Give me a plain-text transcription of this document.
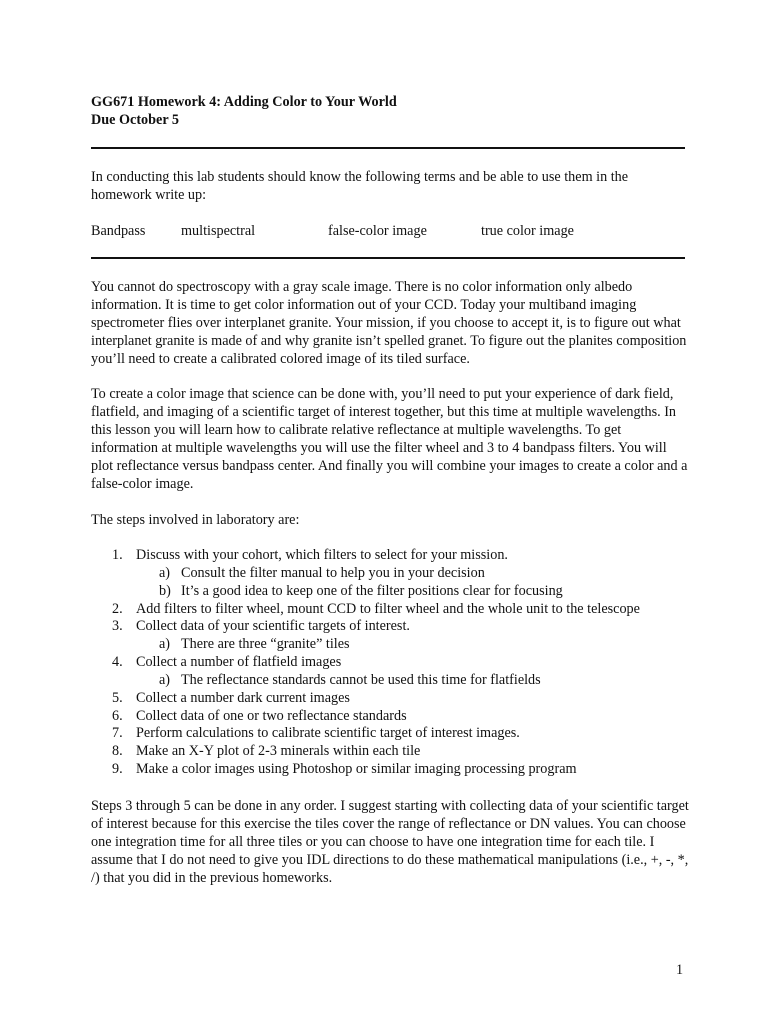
GG671 Homework 4: Adding Color to Your World
Due October 5

In conducting this lab students should know the following terms and be able to use them in the homework write up:

Bandpass	multispectral	false-color image	true color image

You cannot do spectroscopy with a gray scale image. There is no color information only albedo information. It is time to get color information out of your CCD. Today your multiband imaging spectrometer flies over interplanet granite. Your mission, if you choose to accept it, is to figure out what interplanet granite is made of and why granite isn’t spelled granet. To figure out the planites composition you’ll need to create a calibrated colored image of its tiled surface.

To create a color image that science can be done with, you’ll need to put your experience of dark field, flatfield, and imaging of a scientific target of interest together, but this time at multiple wavelengths. In this lesson you will learn how to calibrate relative reflectance at multiple wavelengths. To get information at multiple wavelengths you will use the filter wheel and 3 to 4 bandpass filters. You will plot reflectance versus bandpass center. And finally you will combine your images to create a color and a false-color image.

The steps involved in laboratory are:

1. Discuss with your cohort, which filters to select for your mission.
a) Consult the filter manual to help you in your decision
b) It’s a good idea to keep one of the filter positions clear for focusing
2. Add filters to filter wheel, mount CCD to filter wheel and the whole unit to the telescope
3. Collect data of your scientific targets of interest.
a) There are three “granite” tiles
4. Collect a number of flatfield images
a) The reflectance standards cannot be used this time for flatfields
5. Collect a number dark current images
6. Collect data of one or two reflectance standards
7. Perform calculations to calibrate scientific target of interest images.
8. Make an X-Y plot of 2-3 minerals within each tile
9. Make a color images using Photoshop or similar imaging processing program

Steps 3 through 5 can be done in any order. I suggest starting with collecting data of your scientific target of interest because for this exercise the tiles cover the range of reflectance or DN values. You can choose one integration time for all three tiles or you can choose to have one integration time for each tile. I assume that I do not need to give you IDL directions to do these mathematical manipulations (i.e., +, -, *, /) that you did in the previous homeworks.

1
